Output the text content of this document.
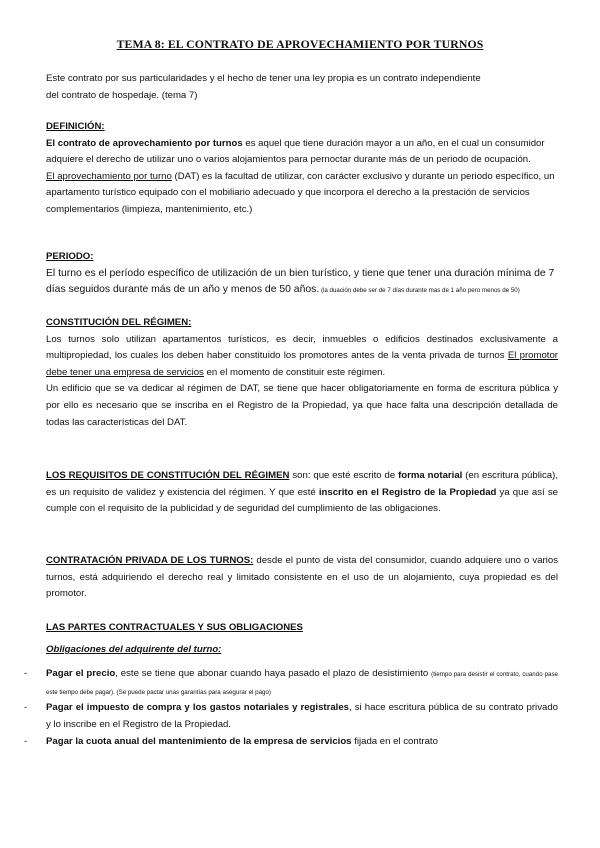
TEMA 8: EL CONTRATO DE APROVECHAMIENTO POR TURNOS
Este contrato por sus particularidades y el hecho de tener una ley propia es un contrato independiente
del contrato de hospedaje. (tema 7)
DEFINICIÓN:
El contrato de aprovechamiento por turnos es aquel que tiene duración mayor a un año, en el cual un consumidor adquiere el derecho de utilizar uno o varios alojamientos para pernoctar durante más de un periodo de ocupación.
El aprovechamiento por turno (DAT) es la facultad de utilizar, con carácter exclusivo y durante un periodo específico, un apartamento turístico equipado con el mobiliario adecuado y que incorpora el derecho a la prestación de servicios complementarios (limpieza, mantenimiento, etc.)
PERIODO:
El turno es el período específico de utilización de un bien turístico, y tiene que tener una duración mínima de 7 días seguidos durante más de un año y menos de 50 años. (la duación debe ser de 7 días durante mas de 1 año pero menos de 50)
CONSTITUCIÓN DEL RÉGIMEN:
Los turnos solo utilizan apartamentos turísticos, es decir, inmuebles o edificios destinados exclusivamente a multipropiedad, los cuales los deben haber constituido los promotores antes de la venta privada de turnos El promotor debe tener una empresa de servicios en el momento de constituir este régimen.
Un edificio que se va dedicar al régimen de DAT, se tiene que hacer obligatoriamente en forma de escritura pública y por ello es necesario que se inscriba en el Registro de la Propiedad, ya que hace falta una descripción detallada de todas las características del DAT.
LOS REQUISITOS DE CONSTITUCIÓN DEL RÉGIMEN son: que esté escrito de forma notarial (en escritura pública), es un requisito de validez y existencia del régimen. Y que esté inscrito en el Registro de la Propiedad ya que así se cumple con el requisito de la publicidad y de seguridad del cumplimiento de las obligaciones.
CONTRATACIÓN PRIVADA DE LOS TURNOS: desde el punto de vista del consumidor, cuando adquiere uno o varios turnos, está adquiriendo el derecho real y limitado consistente en el uso de un alojamiento, cuya propiedad es del promotor.
LAS PARTES CONTRACTUALES Y SUS OBLIGACIONES
Obligaciones del adquirente del turno:
- Pagar el precio, este se tiene que abonar cuando haya pasado el plazo de desistimiento (tiempo para desistir el contrato, cuando pase este tiempo debe pagar). (Se puede pactar unas garantías para asegurar el pago)
- Pagar el impuesto de compra y los gastos notariales y registrales, si hace escritura pública de su contrato privado y lo inscribe en el Registro de la Propiedad.
- Pagar la cuota anual del mantenimiento de la empresa de servicios fijada en el contrato
